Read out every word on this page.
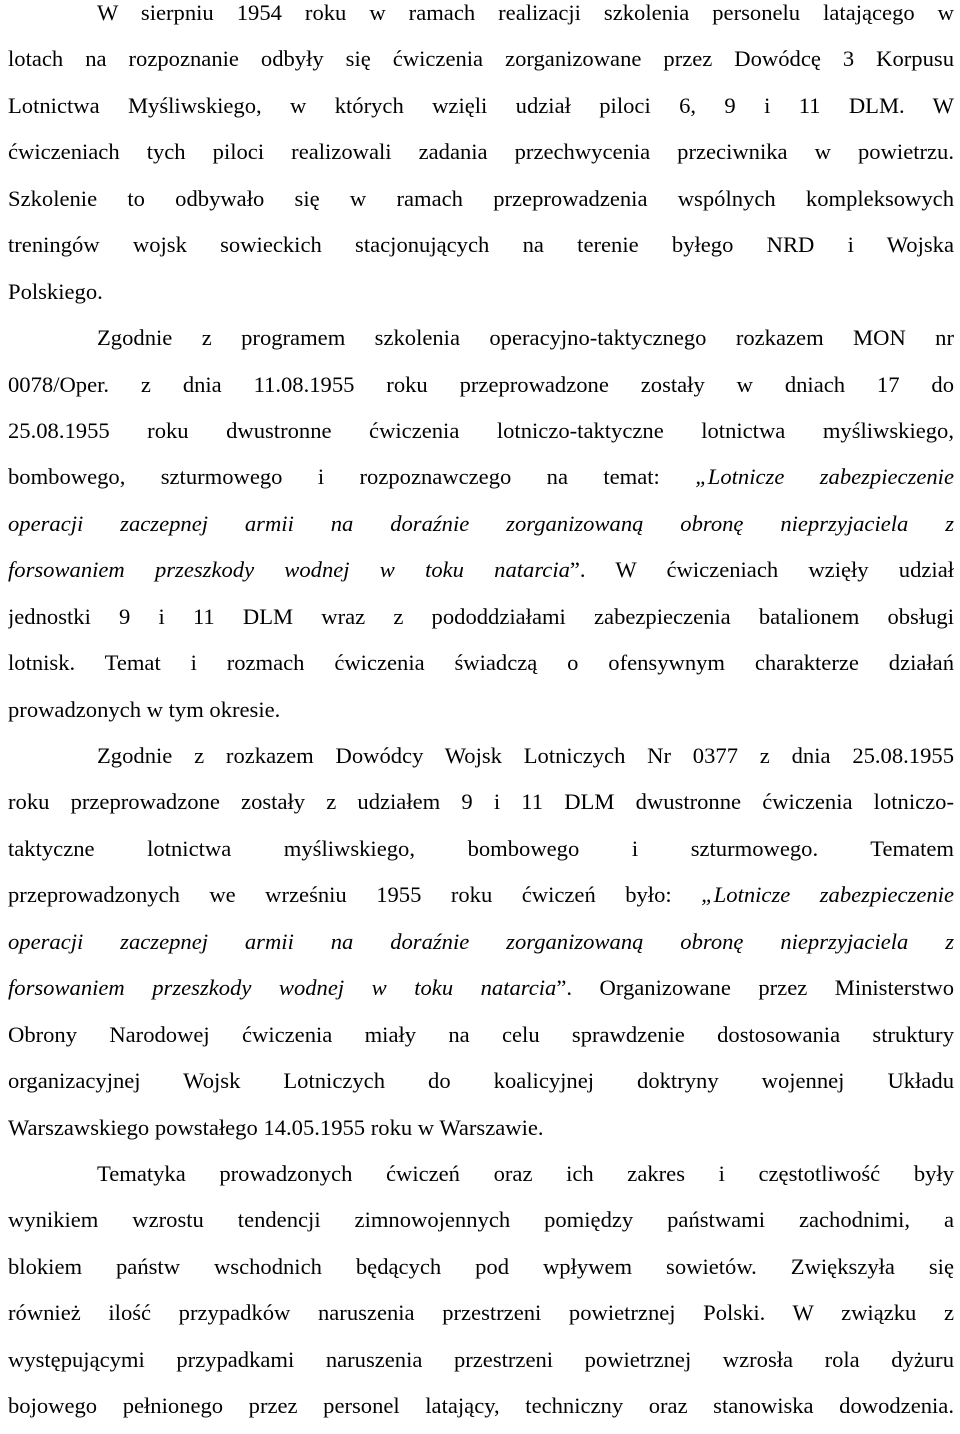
W sierpniu 1954 roku w ramach realizacji szkolenia personelu latającego w
lotach na rozpoznanie odbyły się ćwiczenia zorganizowane przez Dowódcę 3 Korpusu
Lotnictwa Myśliwskiego, w których wzięli udział piloci 6, 9 i 11 DLM. W
ćwiczeniach tych piloci realizowali zadania przechwycenia przeciwnika w powietrzu.
Szkolenie to odbywało się w ramach przeprowadzenia wspólnych kompleksowych
treningów wojsk sowieckich stacjonujących na terenie byłego NRD i Wojska
Polskiego.
Zgodnie z programem szkolenia operacyjno-taktycznego rozkazem MON nr
0078/Oper. z dnia 11.08.1955 roku przeprowadzone zostały w dniach 17 do
25.08.1955 roku dwustronne ćwiczenia lotniczo-taktyczne lotnictwa myśliwskiego,
bombowego, szturmowego i rozpoznawczego na temat: „Lotnicze zabezpieczenie
operacji zaczepnej armii na doraźnie zorganizowaną obronę nieprzyjaciela z
forsowaniem przeszkody wodnej w toku natarcia”. W ćwiczeniach wzięły udział
jednostki 9 i 11 DLM wraz z pododdziałami zabezpieczenia batalionem obsługi
lotnisk. Temat i rozmach ćwiczenia świadczą o ofensywnym charakterze działań
prowadzonych w tym okresie.
Zgodnie z rozkazem Dowódcy Wojsk Lotniczych Nr 0377 z dnia 25.08.1955
roku przeprowadzone zostały z udziałem 9 i 11 DLM dwustronne ćwiczenia lotniczo-
taktyczne lotnictwa myśliwskiego, bombowego i szturmowego. Tematem
przeprowadzonych we wrześniu 1955 roku ćwiczeń było: „Lotnicze zabezpieczenie
operacji zaczepnej armii na doraźnie zorganizowaną obronę nieprzyjaciela z
forsowaniem przeszkody wodnej w toku natarcia”. Organizowane przez Ministerstwo
Obrony Narodowej ćwiczenia miały na celu sprawdzenie dostosowania struktury
organizacyjnej Wojsk Lotniczych do koalicyjnej doktryny wojennej Układu
Warszawskiego powstałego 14.05.1955 roku w Warszawie.
Tematyka prowadzonych ćwiczeń oraz ich zakres i częstotliwość były
wynikiem wzrostu tendencji zimnowojennych pomiędzy państwami zachodnimi, a
blokiem państw wschodnich będących pod wpływem sowietów. Zwiększyła się
również ilość przypadków naruszenia przestrzeni powietrznej Polski. W związku z
występującymi przypadkami naruszenia przestrzeni powietrznej wzrosła rola dyżuru
bojowego pełnionego przez personel latający, techniczny oraz stanowiska dowodzenia.
